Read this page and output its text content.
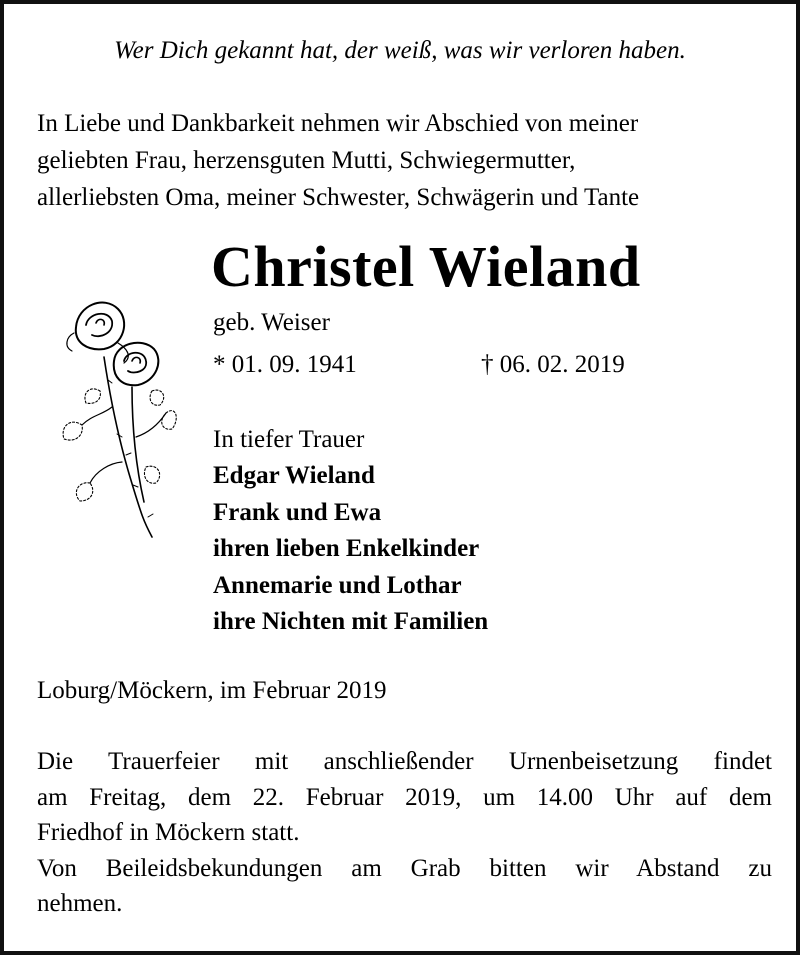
Wer Dich gekannt hat, der weiß, was wir verloren haben.
In Liebe und Dankbarkeit nehmen wir Abschied von meiner
geliebten Frau, herzensguten Mutti, Schwiegermutter,
allerliebsten Oma, meiner Schwester, Schwägerin und Tante
Christel Wieland
geb. Weiser
* 01. 09. 1941	† 06. 02. 2019
In tiefer Trauer
Edgar Wieland
Frank und Ewa
ihren lieben Enkelkinder
Annemarie und Lothar
ihre Nichten mit Familien
Loburg/Möckern, im Februar 2019
Die Trauerfeier mit anschließender Urnenbeisetzung findet
am Freitag, dem 22. Februar 2019, um 14.00 Uhr auf dem
Friedhof in Möckern statt.
Von Beileidsbekundungen am Grab bitten wir Abstand zu
nehmen.
